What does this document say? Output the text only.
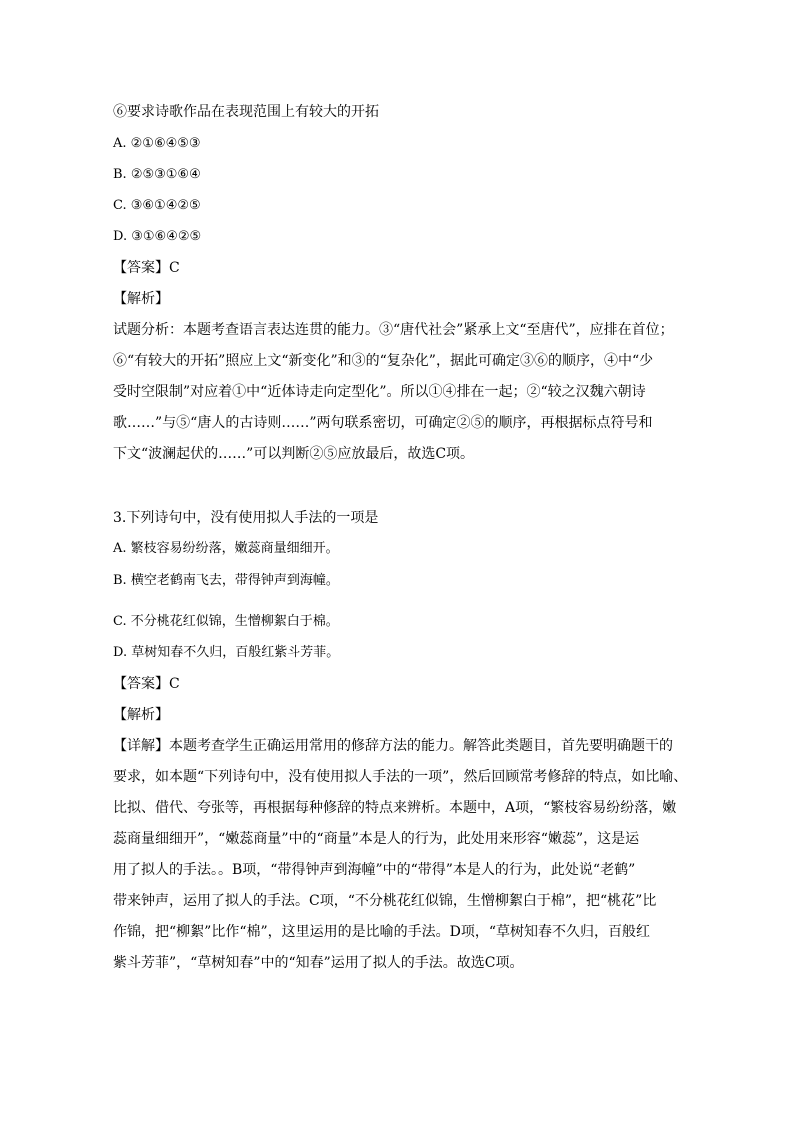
⑥要求诗歌作品在表现范围上有较大的开拓
A. ②①⑥④⑤③
B. ②⑤③①⑥④
C. ③⑥①④②⑤
D. ③①⑥④②⑤
【答案】C
【解析】
试题分析：本题考查语言表达连贯的能力。③“唐代社会”紧承上文“至唐代”，应排在首位；
⑥“有较大的开拓”照应上文“新变化”和③的“复杂化”，据此可确定③⑥的顺序，④中“少
受时空限制”对应着①中“近体诗走向定型化”。所以①④排在一起；②“较之汉魏六朝诗
歌……”与⑤“唐人的古诗则……”两句联系密切，可确定②⑤的顺序，再根据标点符号和
下文“波澜起伏的……”可以判断②⑤应放最后，故选C项。
3.下列诗句中，没有使用拟人手法的一项是
A. 繁枝容易纷纷落，嫩蕊商量细细开。
B. 横空老鹤南飞去，带得钟声到海幢。
C. 不分桃花红似锦，生憎柳絮白于棉。
D. 草树知春不久归，百般红紫斗芳菲。
【答案】C
【解析】
【详解】本题考查学生正确运用常用的修辞方法的能力。解答此类题目，首先要明确题干的
要求，如本题“下列诗句中，没有使用拟人手法的一项”，然后回顾常考修辞的特点，如比喻、
比拟、借代、夸张等，再根据每种修辞的特点来辨析。本题中，A项，“繁枝容易纷纷落，嫩
蕊商量细细开”，“嫩蕊商量”中的“商量”本是人的行为，此处用来形容“嫩蕊”，这是运
用了拟人的手法。。B项，“带得钟声到海幢”中的“带得”本是人的行为，此处说“老鹤”
带来钟声，运用了拟人的手法。C项，“不分桃花红似锦，生憎柳絮白于棉”，把“桃花”比
作锦，把“柳絮”比作“棉”，这里运用的是比喻的手法。D项，“草树知春不久归，百般红
紫斗芳菲”，“草树知春”中的“知春”运用了拟人的手法。故选C项。
